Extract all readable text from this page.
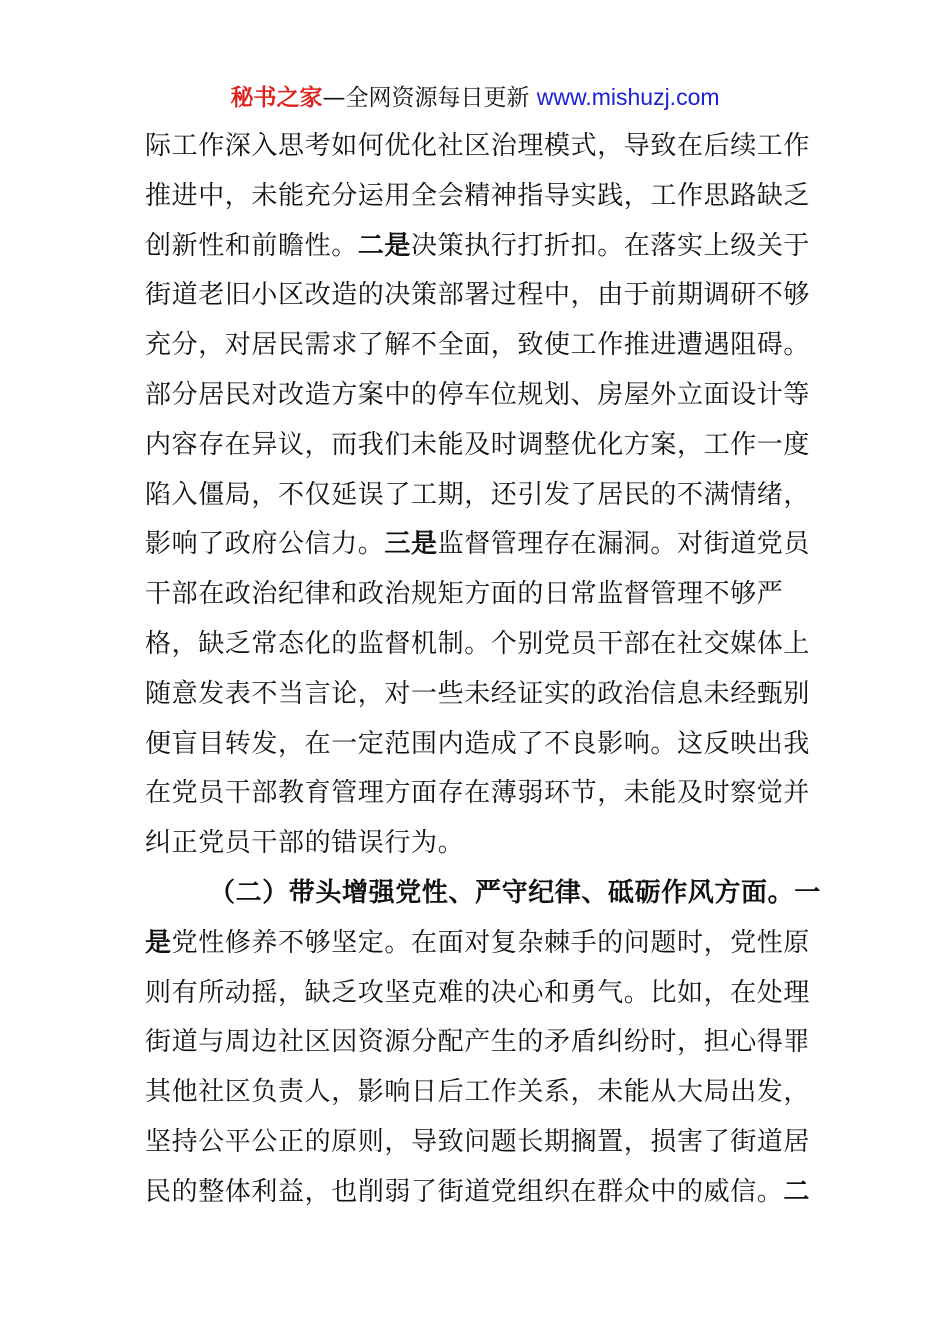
秘书之家—全网资源每日更新 www.mishuzj.com
际工作深入思考如何优化社区治理模式，导致在后续工作
推进中，未能充分运用全会精神指导实践，工作思路缺乏
创新性和前瞻性。二是决策执行打折扣。在落实上级关于
街道老旧小区改造的决策部署过程中，由于前期调研不够
充分，对居民需求了解不全面，致使工作推进遭遇阻碍。
部分居民对改造方案中的停车位规划、房屋外立面设计等
内容存在异议，而我们未能及时调整优化方案，工作一度
陷入僵局，不仅延误了工期，还引发了居民的不满情绪，
影响了政府公信力。三是监督管理存在漏洞。对街道党员
干部在政治纪律和政治规矩方面的日常监督管理不够严
格，缺乏常态化的监督机制。个别党员干部在社交媒体上
随意发表不当言论，对一些未经证实的政治信息未经甄别
便盲目转发，在一定范围内造成了不良影响。这反映出我
在党员干部教育管理方面存在薄弱环节，未能及时察觉并
纠正党员干部的错误行为。
（二）带头增强党性、严守纪律、砥砺作风方面。一
是党性修养不够坚定。在面对复杂棘手的问题时，党性原
则有所动摇，缺乏攻坚克难的决心和勇气。比如，在处理
街道与周边社区因资源分配产生的矛盾纠纷时，担心得罪
其他社区负责人，影响日后工作关系，未能从大局出发，
坚持公平公正的原则，导致问题长期搁置，损害了街道居
民的整体利益，也削弱了街道党组织在群众中的威信。二
